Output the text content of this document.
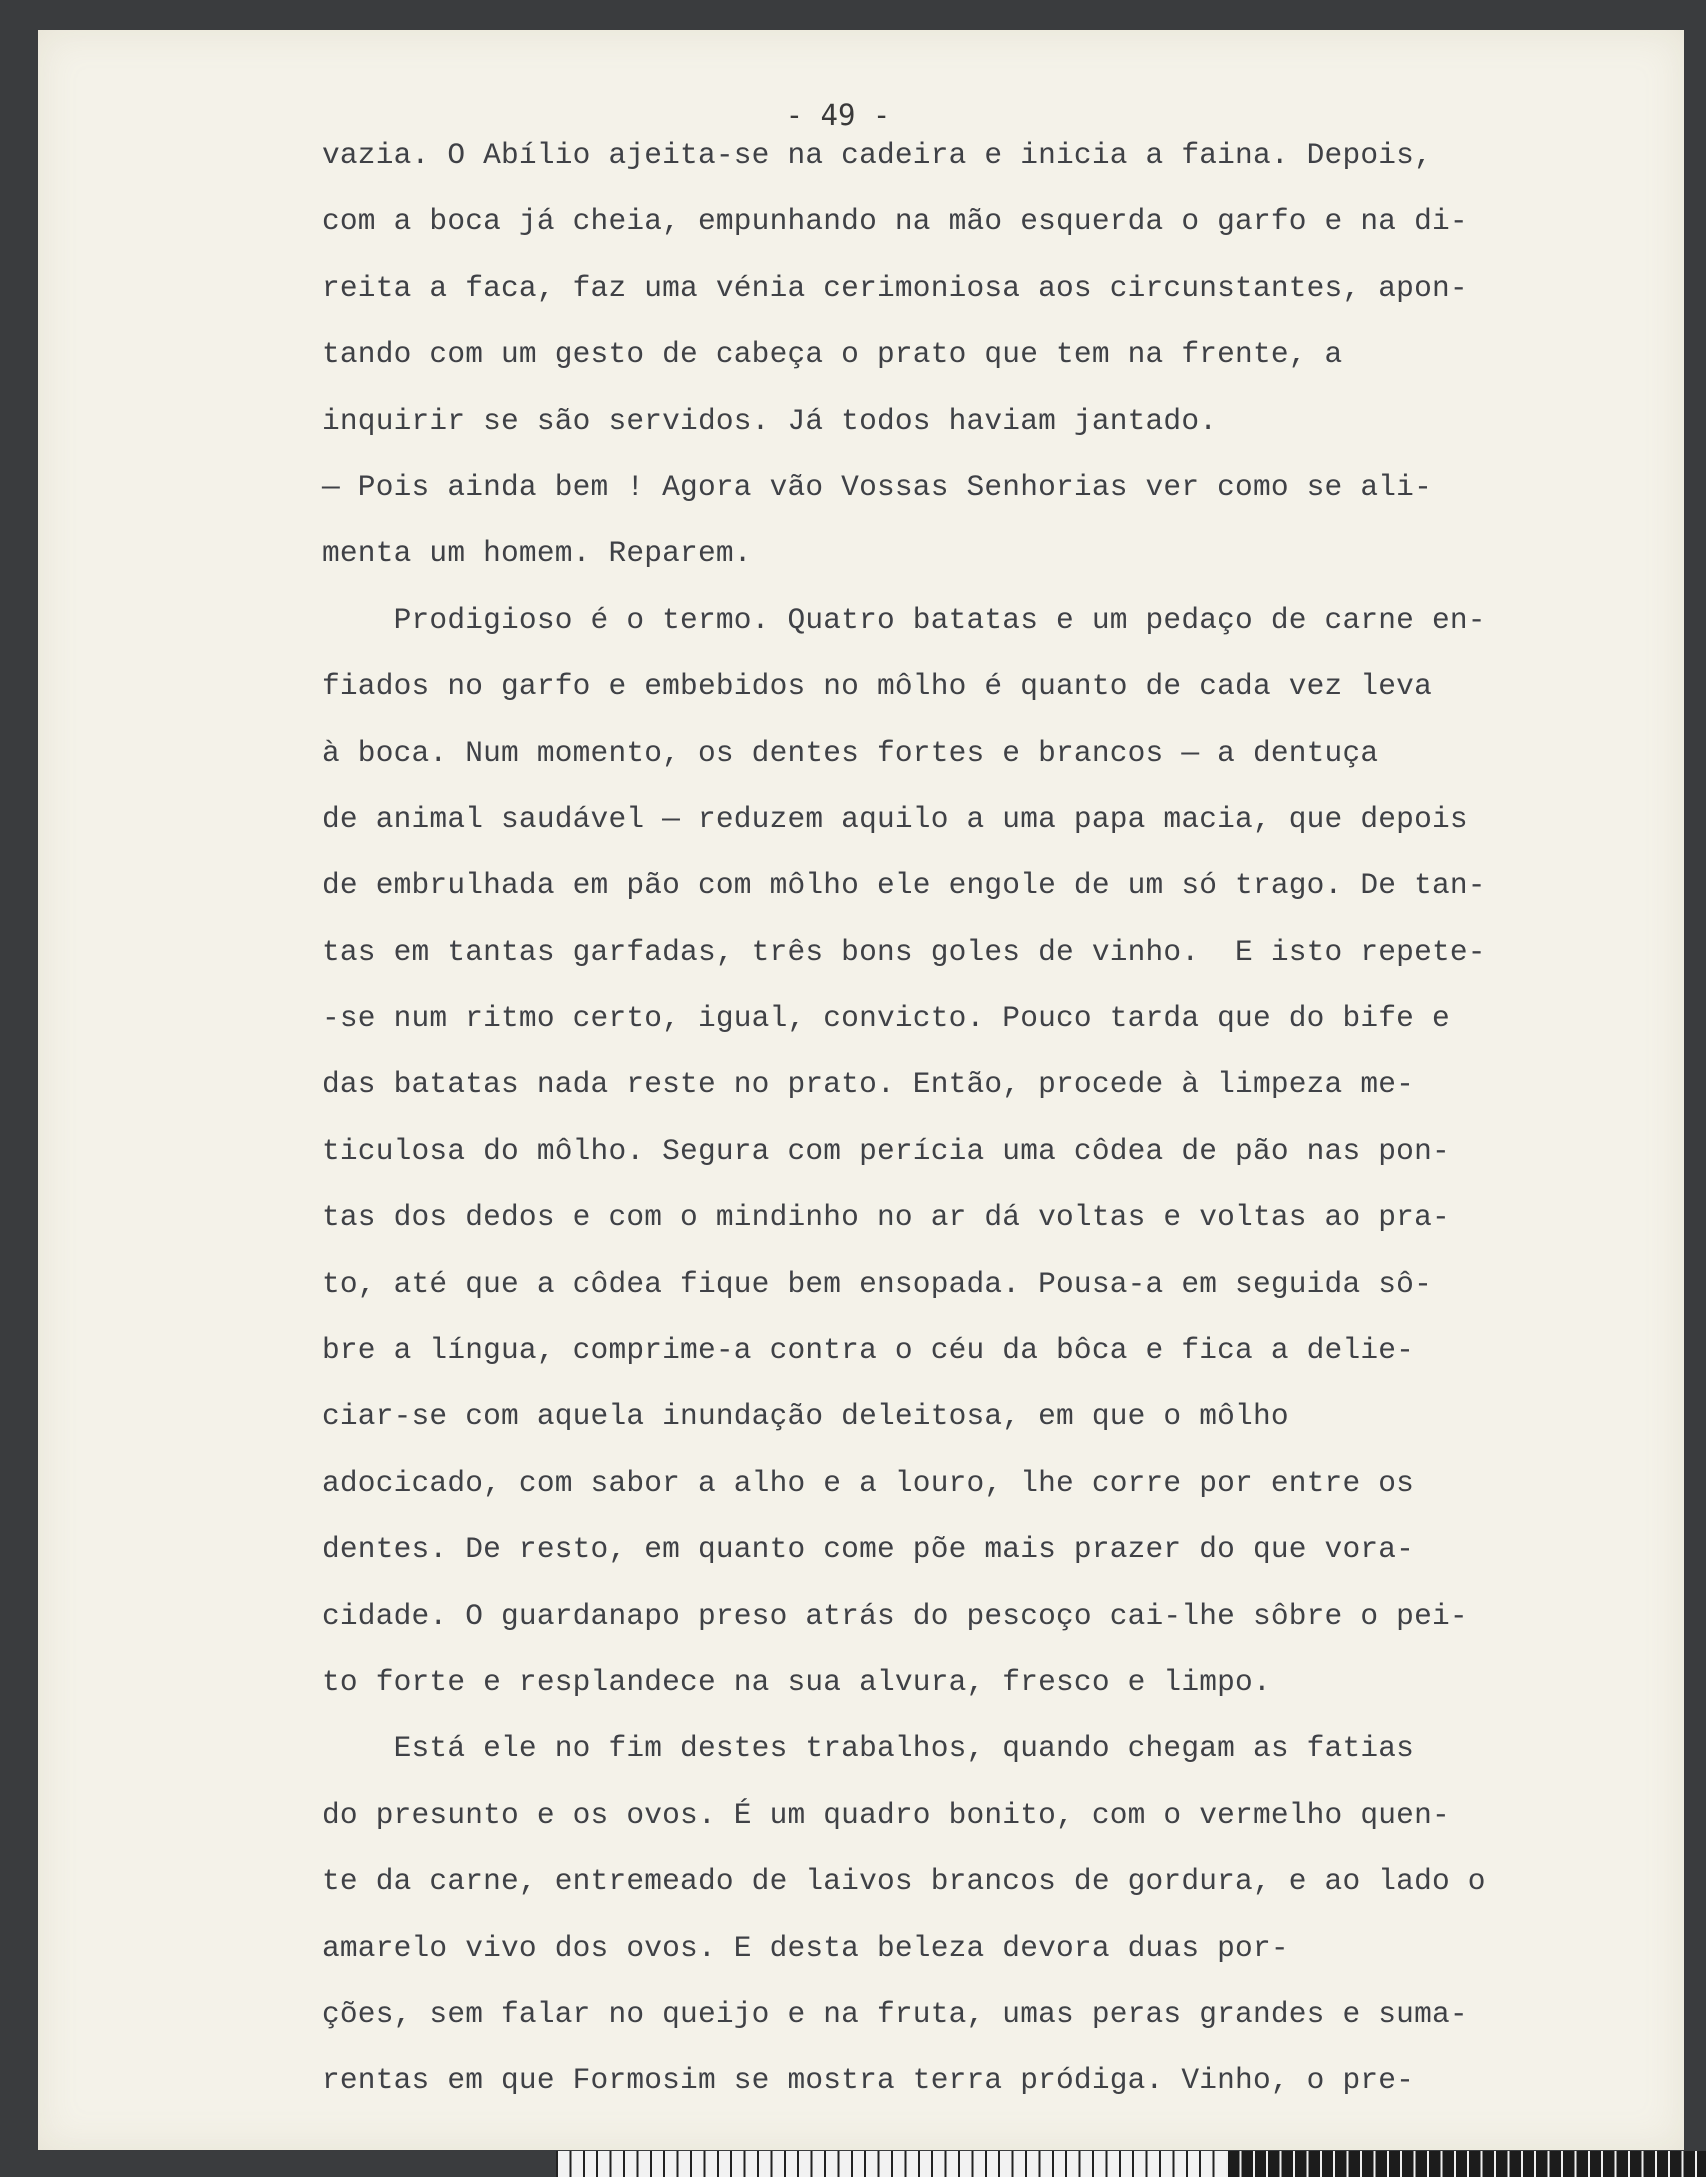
- 49 -
vazia. O Abílio ajeita-se na cadeira e inicia a faina. Depois,
com a boca já cheia, empunhando na mão esquerda o garfo e na di-
reita a faca, faz uma vénia cerimoniosa aos circunstantes, apon-
tando com um gesto de cabeça o prato que tem na frente, a
inquirir se são servidos. Já todos haviam jantado.
— Pois ainda bem ! Agora vão Vossas Senhorias ver como se ali-
menta um homem. Reparem.
Prodigioso é o termo. Quatro batatas e um pedaço de carne en-
fiados no garfo e embebidos no môlho é quanto de cada vez leva
à boca. Num momento, os dentes fortes e brancos — a dentuça
de animal saudável — reduzem aquilo a uma papa macia, que depois
de embrulhada em pão com môlho ele engole de um só trago. De tan-
tas em tantas garfadas, três bons goles de vinho.  E isto repete-
-se num ritmo certo, igual, convicto. Pouco tarda que do bife e
das batatas nada reste no prato. Então, procede à limpeza me-
ticulosa do môlho. Segura com perícia uma côdea de pão nas pon-
tas dos dedos e com o mindinho no ar dá voltas e voltas ao pra-
to, até que a côdea fique bem ensopada. Pousa-a em seguida sô-
bre a língua, comprime-a contra o céu da bôca e fica a delie-
ciar-se com aquela inundação deleitosa, em que o môlho
adocicado, com sabor a alho e a louro, lhe corre por entre os
dentes. De resto, em quanto come põe mais prazer do que vora-
cidade. O guardanapo preso atrás do pescoço cai-lhe sôbre o pei-
to forte e resplandece na sua alvura, fresco e limpo.
Está ele no fim destes trabalhos, quando chegam as fatias
do presunto e os ovos. É um quadro bonito, com o vermelho quen-
te da carne, entremeado de laivos brancos de gordura, e ao lado o
amarelo vivo dos ovos. E desta beleza devora duas por-
ções, sem falar no queijo e na fruta, umas peras grandes e suma-
rentas em que Formosim se mostra terra pródiga. Vinho, o pre-
